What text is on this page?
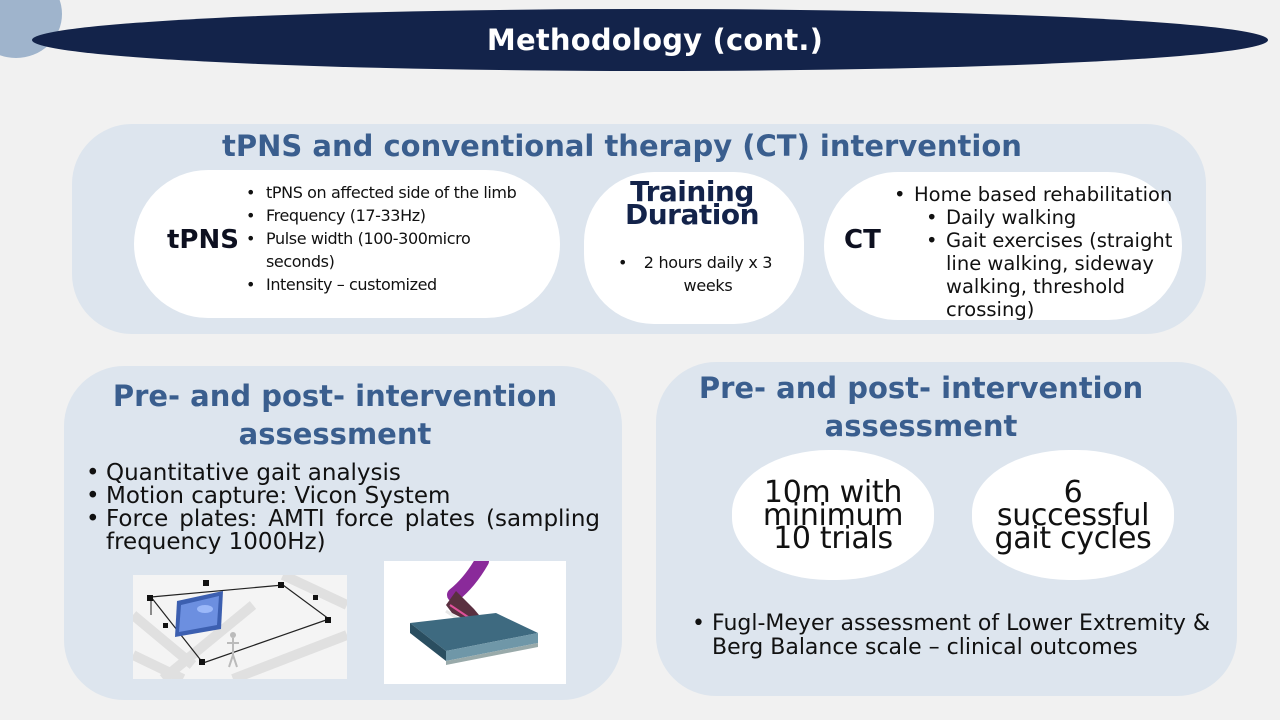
Methodology (cont.)
tPNS and conventional therapy (CT) intervention
tPNS
• tPNS on affected side of the limb
• Frequency (17-33Hz)
• Pulse width (100-300micro seconds)
• Intensity – customized
Training Duration
• 2 hours daily x 3 weeks
CT
• Home based rehabilitation
• Daily walking
• Gait exercises (straight line walking, sideway walking, threshold crossing)
Pre- and post- intervention assessment
• Quantitative gait analysis
• Motion capture: Vicon System
• Force plates: AMTI force plates (sampling frequency 1000Hz)
Pre- and post- intervention assessment
10m with minimum 10 trials
6 successful gait cycles
• Fugl-Meyer assessment of Lower Extremity & Berg Balance scale – clinical outcomes
